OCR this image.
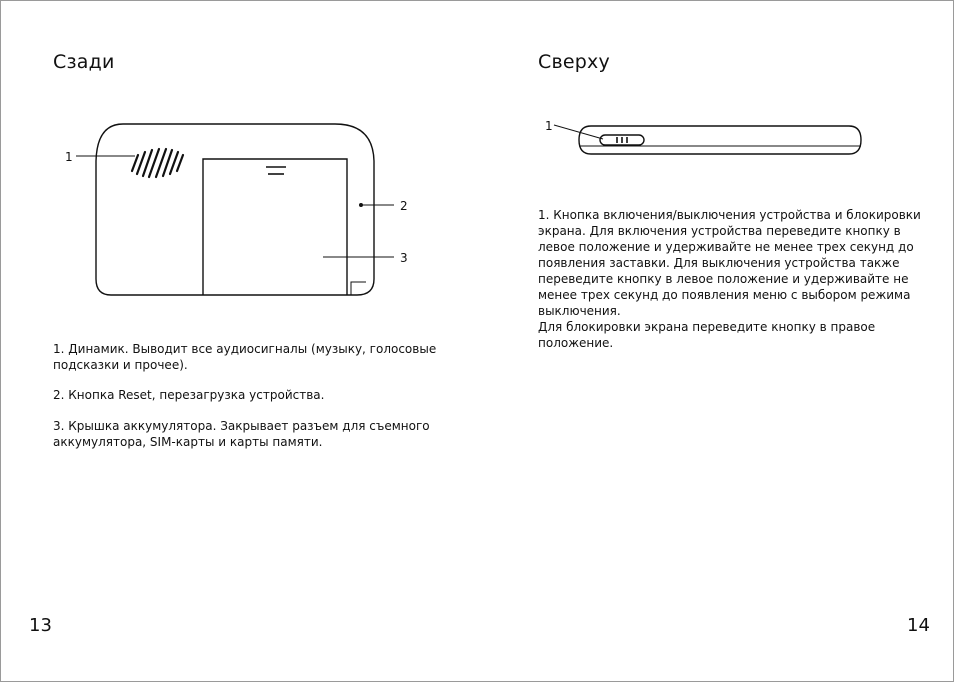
Сзади
1
2
3

1. Динамик. Выводит все аудиосигналы (музыку, голосовые
подсказки и прочее).

2. Кнопка Reset, перезагрузка устройства.

3. Крышка аккумулятора. Закрывает разъем для съемного
аккумулятора, SIM-карты и карты памяти.

13
Сверху
1

1. Кнопка включения/выключения устройства и блокировки
экрана. Для включения устройства переведите кнопку в
левое положение и удерживайте не менее трех секунд до
появления заставки. Для выключения устройства также
переведите кнопку в левое положение и удерживайте не
менее трех секунд до появления меню с выбором режима
выключения.
Для блокировки экрана переведите кнопку в правое
положение.

14
